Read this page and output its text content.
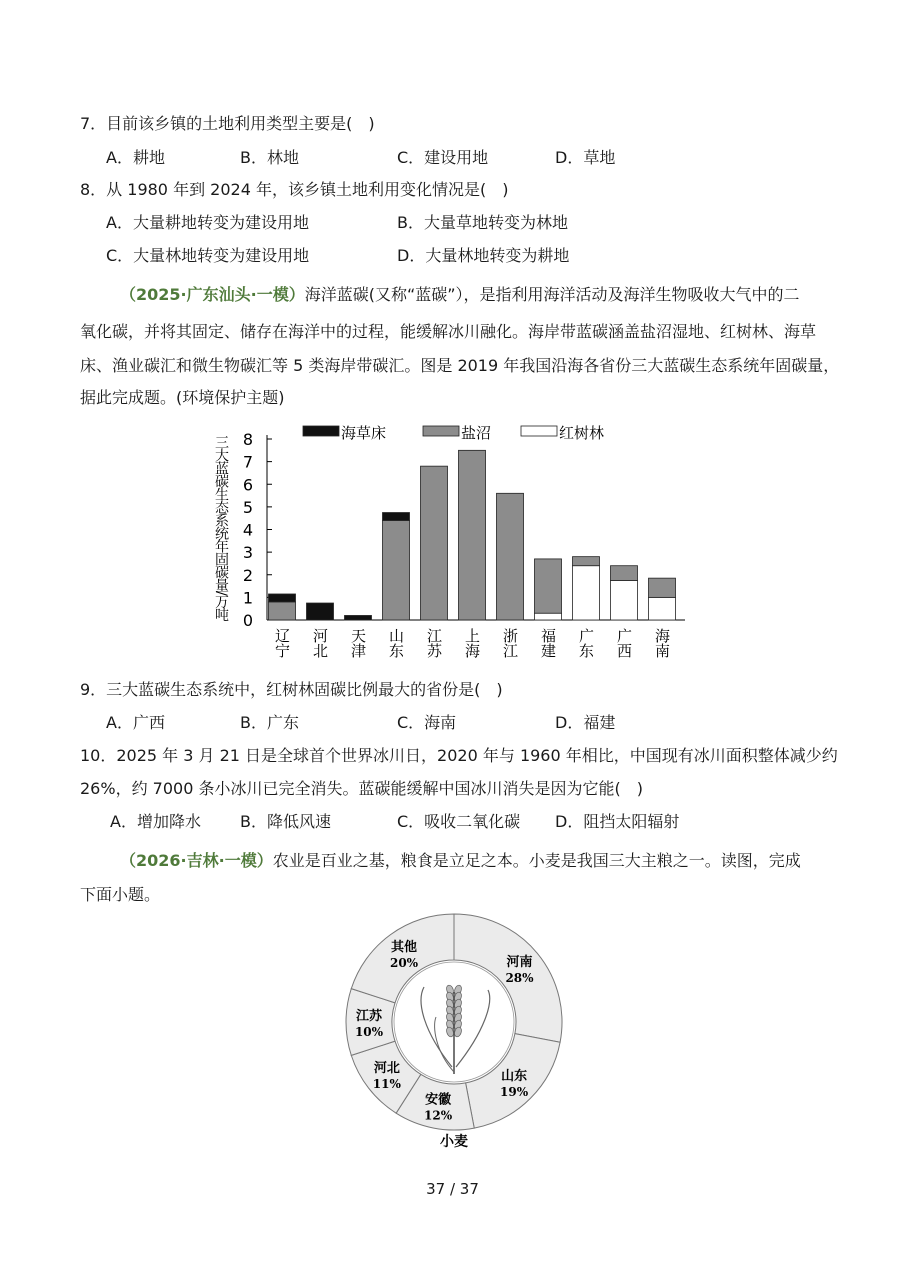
7．目前该乡镇的土地利用类型主要是(　)
A．耕地	B．林地	C．建设用地	D．草地
8．从 1980 年到 2024 年，该乡镇土地利用变化情况是(　)
A．大量耕地转变为建设用地	B．大量草地转变为林地
C．大量林地转变为建设用地	D．大量林地转变为耕地
（2025·广东汕头·一模）海洋蓝碳(又称“蓝碳”），是指利用海洋活动及海洋生物吸收大气中的二
氧化碳，并将其固定、储存在海洋中的过程，能缓解冰川融化。海岸带蓝碳涵盖盐沼湿地、红树林、海草
床、渔业碳汇和微生物碳汇等 5 类海岸带碳汇。图是 2019 年我国沿海各省份三大蓝碳生态系统年固碳量，
据此完成题。(环境保护主题)
三大蓝碳生态系统年固碳量/万吨 0
1
2
3
4
5
6
7
8
辽宁 河北 天津 山东 江苏 上海 浙江 福建 广东 广西 海南
海草床	盐沼	红树林
9．三大蓝碳生态系统中，红树林固碳比例最大的省份是(　)
A．广西	B．广东	C．海南	D．福建
10．2025 年 3 月 21 日是全球首个世界冰川日，2020 年与 1960 年相比，中国现有冰川面积整体减少约
26%，约 7000 条小冰川已完全消失。蓝碳能缓解中国冰川消失是因为它能(　)
A．增加降水 B．降低风速	C．吸收二氧化碳 D．阻挡太阳辐射
（2026·吉林·一模）农业是百业之基，粮食是立足之本。小麦是我国三大主粮之一。读图，完成
下面小题。
河南
28%
山东
19%
安徽
12%
河北
11%
江苏
10%
其他
20%
小麦
37 / 37
